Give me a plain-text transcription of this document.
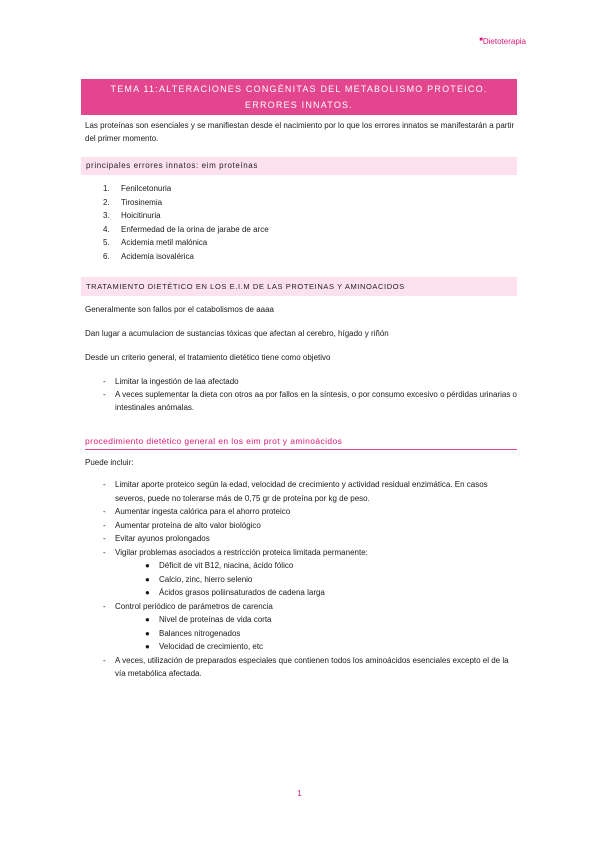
■Dietoterapia
TEMA 11:ALTERACIONES CONGÉNITAS DEL METABOLISMO PROTEICO.
ERRORES INNATOS.
Las proteínas son esenciales y se manifiestan desde el nacimiento por lo que los errores innatos se manifestarán a partir del primer momento.
principales errores innatos: eim proteínas
1.	Fenilcetonuria
2.	Tirosinemia
3.	Hoicitinuria
4.	Enfermedad de la orina de jarabe de arce
5.	Acidemia metil malónica
6.	Acidemia isovalérica
TRATAMIENTO DIETÉTICO EN LOS E.I.M DE LAS PROTEINAS Y AMINOACIDOS
Generalmente son fallos por el catabolismos de aaaa
Dan lugar a acumulacion de sustancias tóxicas que afectan al cerebro, hígado y riñón
Desde un criterio general, el tratamiento dietético tiene como objetivo
-	Limitar la ingestión de laa afectado
-	A veces suplementar la dieta con otros aa por fallos en la síntesis, o por consumo excesivo o pérdidas urinarias o intestinales anómalas.
procedimiento dietético general en los eim prot y aminoácidos
Puede incluir:
-	Limitar aporte proteico según la edad, velocidad de crecimiento y actividad residual enzimática. En casos severos, puede no tolerarse más de 0,75 gr de proteína por kg de peso.
-	Aumentar ingesta calórica para el ahorro proteico
-	Aumentar proteína de alto valor biológico
-	Evitar ayunos prolongados
-	Vigilar problemas asociados a restricción proteica limitada permanente:
●	Déficit de vit B12, niacina, ácido fólico
●	Calcio, zinc, hierro selenio
●	Ácidos grasos poliinsaturados de cadena larga
-	Control periódico de parámetros de carencia
●	Nivel de proteínas de vida corta
●	Balances nitrogenados
●	Velocidad de crecimiento, etc
-	A veces, utilización de preparados especiales que contienen todos los aminoácidos esenciales excepto el de la vía metabólica afectada.
1
